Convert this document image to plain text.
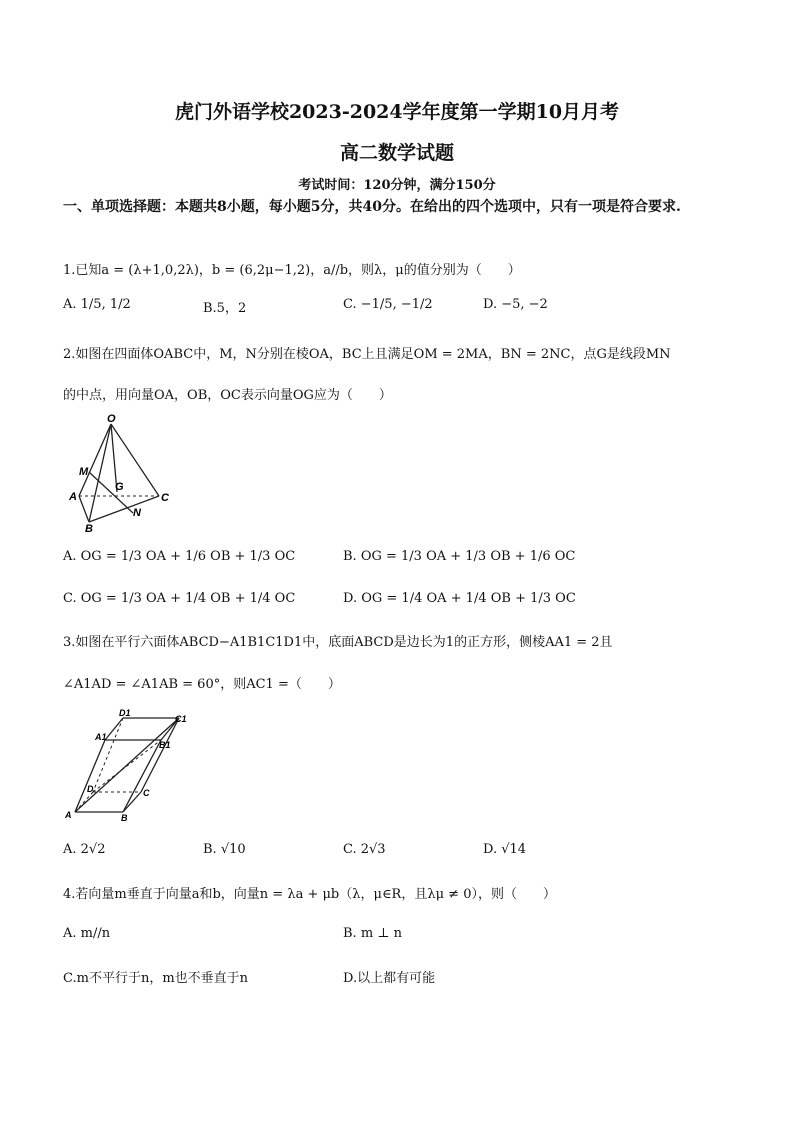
虎门外语学校2023-2024学年度第一学期10月月考
高二数学试题
考试时间：120分钟，满分150分
一、单项选择题：本题共8小题，每小题5分，共40分。在给出的四个选项中，只有一项是符合要求.
1.已知a = (λ+1,0,2λ)，b = (6,2μ−1,2)，a//b，则λ，μ的值分别为（　　）
A. 1/5, 1/2	B.5，2	C. −1/5, −1/2	D. −5, −2
2.如图在四面体OABC中，M，N分别在棱OA，BC上且满足OM = 2MA，BN = 2NC，点G是线段MN
的中点，用向量OA，OB，OC表示向量OG应为（　　）
O
M
G
A	C
N
B
A. OG = 1/3 OA + 1/6 OB + 1/3 OC	B. OG = 1/3 OA + 1/3 OB + 1/6 OC
C. OG = 1/3 OA + 1/4 OB + 1/4 OC	D. OG = 1/4 OA + 1/4 OB + 1/3 OC
3.如图在平行六面体ABCD−A1B1C1D1中，底面ABCD是边长为1的正方形，侧棱AA1 = 2且
∠A1AD = ∠A1AB = 60°，则AC1 =（　　）
D1
C1
A1
B1
D	C
A	B
A. 2√2	B. √10	C. 2√3	D. √14
4.若向量m垂直于向量a和b，向量n = λa + μb（λ，μ∈R，且λμ ≠ 0），则（　　）
A. m//n	B. m ⊥ n
C.m不平行于n，m也不垂直于n	D.以上都有可能
